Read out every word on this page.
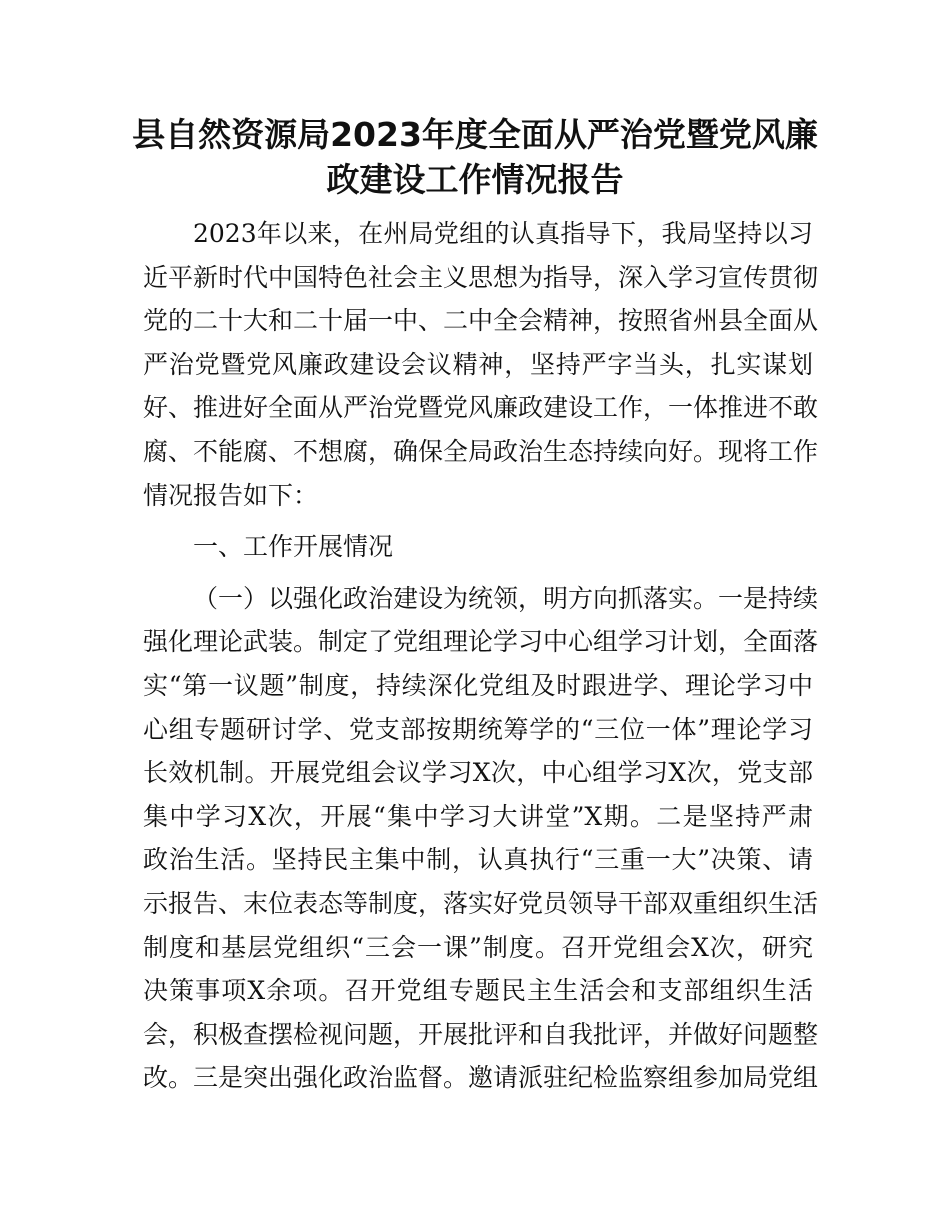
县自然资源局2023年度全面从严治党暨党风廉
政建设工作情况报告
2023年以来，在州局党组的认真指导下，我局坚持以习
近平新时代中国特色社会主义思想为指导，深入学习宣传贯彻
党的二十大和二十届一中、二中全会精神，按照省州县全面从
严治党暨党风廉政建设会议精神，坚持严字当头，扎实谋划
好、推进好全面从严治党暨党风廉政建设工作，一体推进不敢
腐、不能腐、不想腐，确保全局政治生态持续向好。现将工作
情况报告如下：
一、工作开展情况
（一）以强化政治建设为统领，明方向抓落实。一是持续
强化理论武装。制定了党组理论学习中心组学习计划，全面落
实“第一议题”制度，持续深化党组及时跟进学、理论学习中
心组专题研讨学、党支部按期统筹学的“三位一体”理论学习
长效机制。开展党组会议学习X次，中心组学习X次，党支部
集中学习X次，开展“集中学习大讲堂”X期。二是坚持严肃
政治生活。坚持民主集中制，认真执行“三重一大”决策、请
示报告、末位表态等制度，落实好党员领导干部双重组织生活
制度和基层党组织“三会一课”制度。召开党组会X次，研究
决策事项X余项。召开党组专题民主生活会和支部组织生活
会，积极查摆检视问题，开展批评和自我批评，并做好问题整
改。三是突出强化政治监督。邀请派驻纪检监察组参加局党组
